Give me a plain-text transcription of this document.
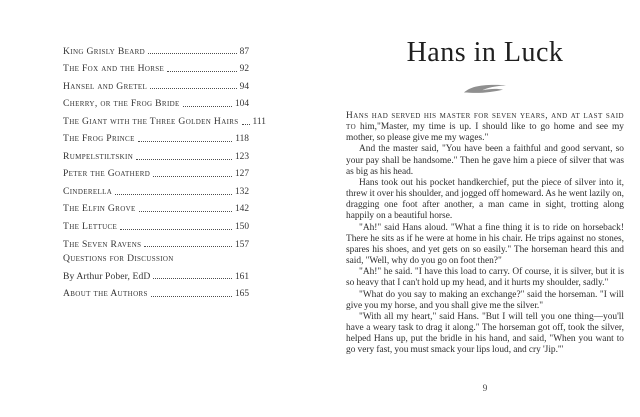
King Grisly Beard	87
The Fox and the Horse	92
Hansel and Gretel	94
Cherry, or the Frog Bride	104
The Giant with the Three Golden Hairs 111
The Frog Prince	118
Rumpelstiltskin	123
Peter the Goatherd	127
Cinderella	132
The Elfin Grove	142
The Lettuce	150
The Seven Ravens	157
Questions for Discussion
By Arthur Pober, EdD	161
About the Authors	165
Hans in Luck

Hans had served his master for seven years, and at last said to him,"Master, my time is up. I should like to go home and see my mother, so please give me my wages."

And the master said, "You have been a faithful and good servant, so your pay shall be handsome." Then he gave him a piece of silver that was as big as his head.

Hans took out his pocket handkerchief, put the piece of silver into it, threw it over his shoulder, and jogged off homeward. As he went lazily on, dragging one foot after another, a man came in sight, trotting along happily on a beautiful horse.

"Ah!" said Hans aloud. "What a fine thing it is to ride on horseback! There he sits as if he were at home in his chair. He trips against no stones, spares his shoes, and yet gets on so easily." The horseman heard this and said, "Well, why do you go on foot then?"

"Ah!" he said. "I have this load to carry. Of course, it is silver, but it is so heavy that I can't hold up my head, and it hurts my shoulder, sadly."

"What do you say to making an exchange?" said the horseman. "I will give you my horse, and you shall give me the silver."

"With all my heart," said Hans. "But I will tell you one thing—you'll have a weary task to drag it along." The horseman got off, took the silver, helped Hans up, put the bridle in his hand, and said, "When you want to go very fast, you must smack your lips loud, and cry 'Jip.'"

9
